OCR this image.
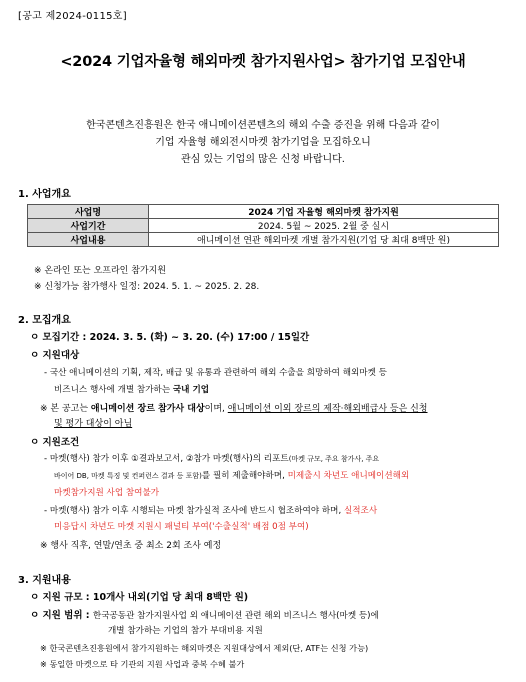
[공고 제2024-0115호]
<2024 기업자율형 해외마켓 참가지원사업> 참가기업 모집안내
한국콘텐츠진흥원은 한국 애니메이션콘텐츠의 해외 수출 증진을 위해 다음과 같이
기업 자율형 해외전시마켓 참가기업을 모집하오니
관심 있는 기업의 많은 신청 바랍니다.
1. 사업개요
사업명	2024 기업 자율형 해외마켓 참가지원
사업기간	2024. 5월 ~ 2025. 2월 중 실시
사업내용	애니메이션 연관 해외마켓 개별 참가지원(기업 당 최대 8백만 원)
※ 온라인 또는 오프라인 참가지원
※ 신청가능 참가행사 일정: 2024. 5. 1. ~ 2025. 2. 28.
2. 모집개요
ㅇ 모집기간 : 2024. 3. 5. (화) ~ 3. 20. (수) 17:00 / 15일간
ㅇ 지원대상
- 국산 애니메이션의 기획, 제작, 배급 및 유통과 관련하여 해외 수출을 희망하여 해외마켓 등
비즈니스 행사에 개별 참가하는 국내 기업
※ 본 공고는 애니메이션 장르 참가사 대상이며, 애니메이션 이외 장르의 제작·해외배급사 등은 신청
및 평가 대상이 아님
ㅇ 지원조건
- 마켓(행사) 참가 이후 ①결과보고서, ②참가 마켓(행사)의 리포트(마켓 규모, 주요 참가사, 주요
바이어 DB, 마켓 특징 및 컨퍼런스 결과 등 포함)를 필히 제출해야하며, 미제출시 차년도 애니메이션해외
마켓참가지원 사업 참여불가
- 마켓(행사) 참가 이후 시행되는 마켓 참가실적 조사에 반드시 협조하여야 하며, 실적조사
미응답시 차년도 마켓 지원시 패널티 부여('수출실적' 배점 0점 부여)
※ 행사 직후, 연말/연초 중 최소 2회 조사 예정
3. 지원내용
ㅇ 지원 규모 : 10개사 내외(기업 당 최대 8백만 원)
ㅇ 지원 범위 : 한국공동관 참가지원사업 외 애니메이션 관련 해외 비즈니스 행사(마켓 등)에
개별 참가하는 기업의 참가 부대비용 지원
※ 한국콘텐츠진흥원에서 참가지원하는 해외마켓은 지원대상에서 제외(단, ATF는 신청 가능)
※ 동일한 마켓으로 타 기관의 지원 사업과 중복 수혜 불가
